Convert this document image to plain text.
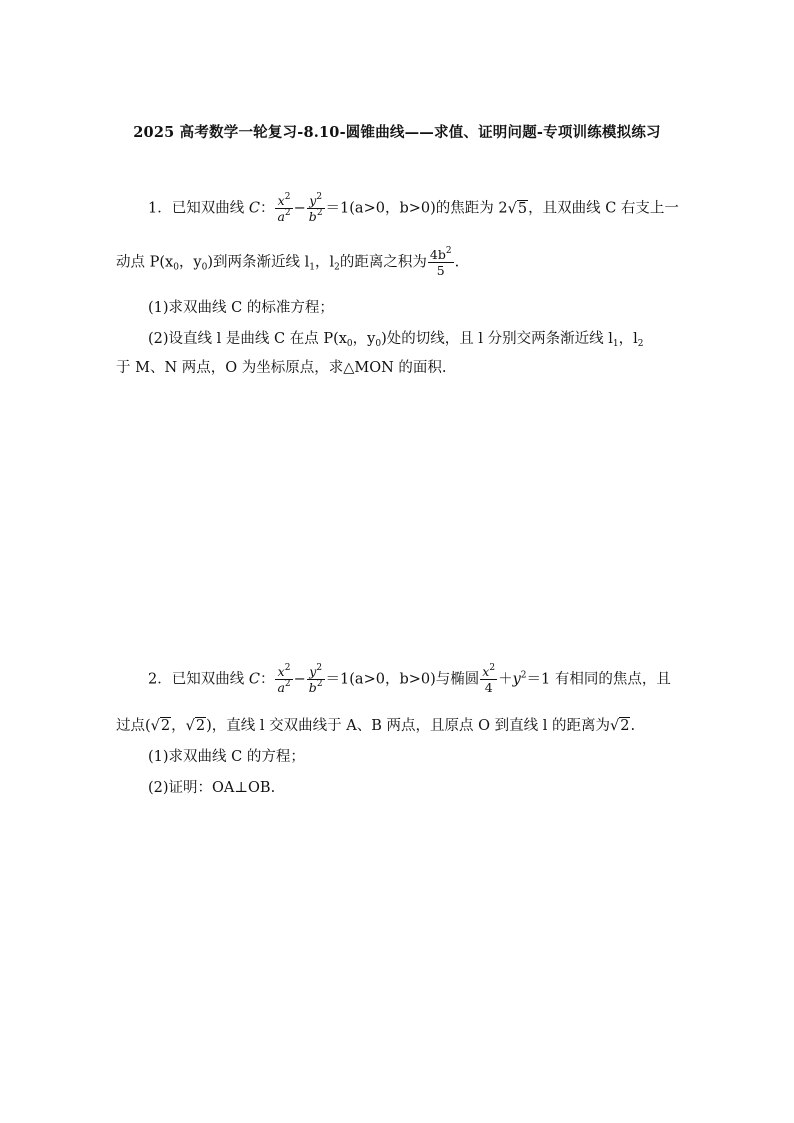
2025 高考数学一轮复习-8.10-圆锥曲线——求值、证明问题-专项训练模拟练习
1．已知双曲线 C： $\frac{x^2}{a^2} - \frac{y^2}{b^2} =1(a>0$，b>0)的焦距为 2√5，且双曲线 C 右支上一
动点 $P(x_0$，$y_0$)到两条渐近线 $l_1$，$l_2$的距离之积为 $\frac{4b^2}{5}$ .
(1)求双曲线 C 的标准方程；
(2)设直线 l 是曲线 C 在点 $P(x_0$，$y_0$)处的切线，且 l 分别交两条渐近线 $l_1$，$l_2$
于 M、N 两点，O 为坐标原点，求△MON 的面积.
2．已知双曲线 C： $\frac{x^2}{a^2} - \frac{y^2}{b^2} =1(a>0$，b>0)与椭圆 $\frac{x^2}{4} +y^2=1$ 有相同的焦点，且
过点(√2，√2)，直线 l 交双曲线于 A、B 两点，且原点 O 到直线 l 的距离为√2.
(1)求双曲线 C 的方程；
(2)证明：OA⊥OB.
